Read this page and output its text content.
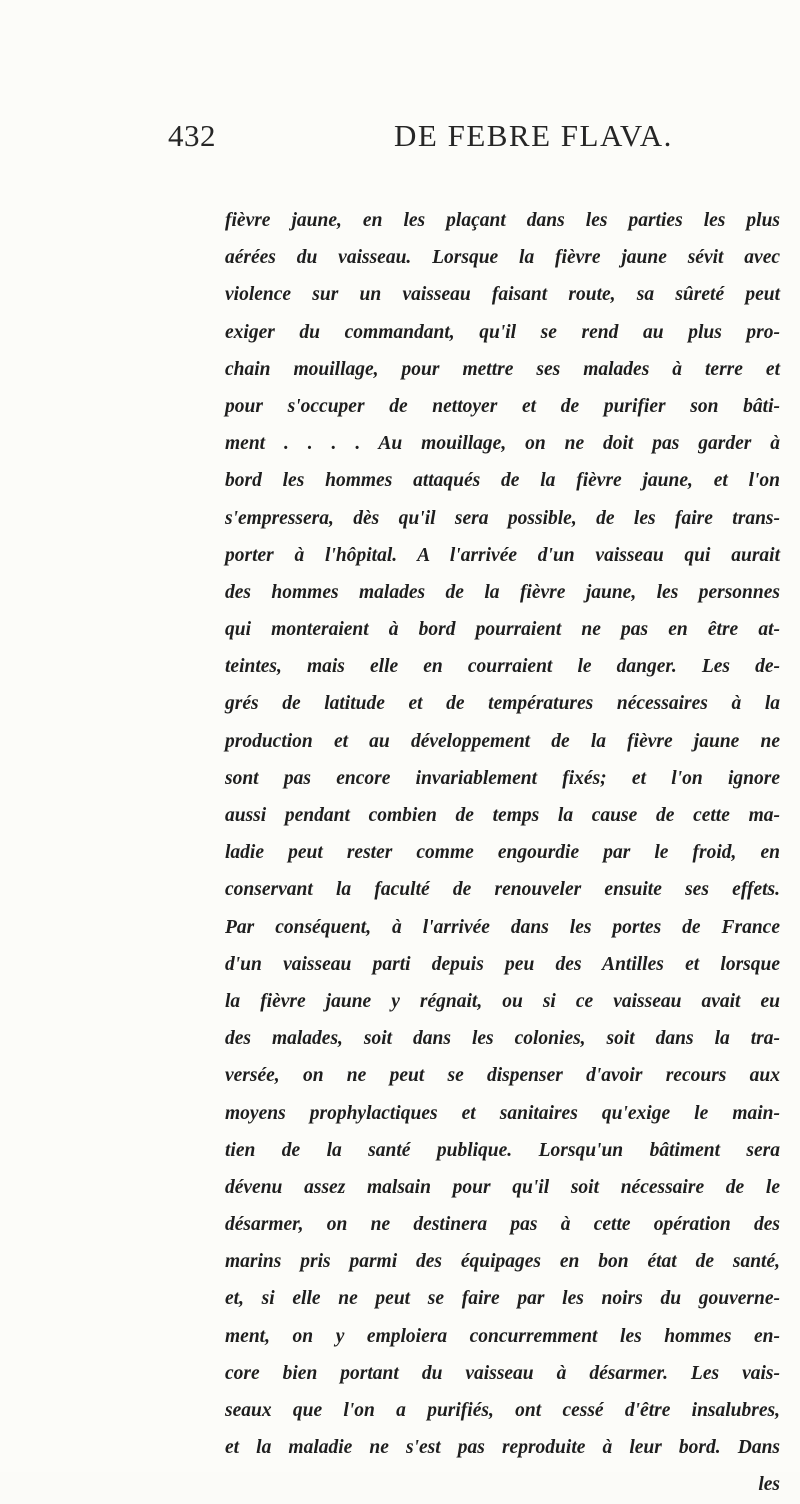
432	DE FEBRE FLAVA.
fièvre jaune, en les plaçant dans les parties les plus
aérées du vaisseau. Lorsque la fièvre jaune sévit avec
violence sur un vaisseau faisant route, sa sûreté peut
exiger du commandant, qu'il se rend au plus pro-
chain mouillage, pour mettre ses malades à terre et
pour s'occuper de nettoyer et de purifier son bâti-
ment . . . . Au mouillage, on ne doit pas garder à
bord les hommes attaqués de la fièvre jaune, et l'on
s'empressera, dès qu'il sera possible, de les faire trans-
porter à l'hôpital. A l'arrivée d'un vaisseau qui aurait
des hommes malades de la fièvre jaune, les personnes
qui monteraient à bord pourraient ne pas en être at-
teintes, mais elle en courraient le danger. Les de-
grés de latitude et de températures nécessaires à la
production et au développement de la fièvre jaune ne
sont pas encore invariablement fixés; et l'on ignore
aussi pendant combien de temps la cause de cette ma-
ladie peut rester comme engourdie par le froid, en
conservant la faculté de renouveler ensuite ses effets.
Par conséquent, à l'arrivée dans les portes de France
d'un vaisseau parti depuis peu des Antilles et lorsque
la fièvre jaune y régnait, ou si ce vaisseau avait eu
des malades, soit dans les colonies, soit dans la tra-
versée, on ne peut se dispenser d'avoir recours aux
moyens prophylactiques et sanitaires qu'exige le main-
tien de la santé publique. Lorsqu'un bâtiment sera
dévenu assez malsain pour qu'il soit nécessaire de le
désarmer, on ne destinera pas à cette opération des
marins pris parmi des équipages en bon état de santé,
et, si elle ne peut se faire par les noirs du gouverne-
ment, on y emploiera concurremment les hommes en-
core bien portant du vaisseau à désarmer. Les vais-
seaux que l'on a purifiés, ont cessé d'être insalubres,
et la maladie ne s'est pas reproduite à leur bord. Dans
les
